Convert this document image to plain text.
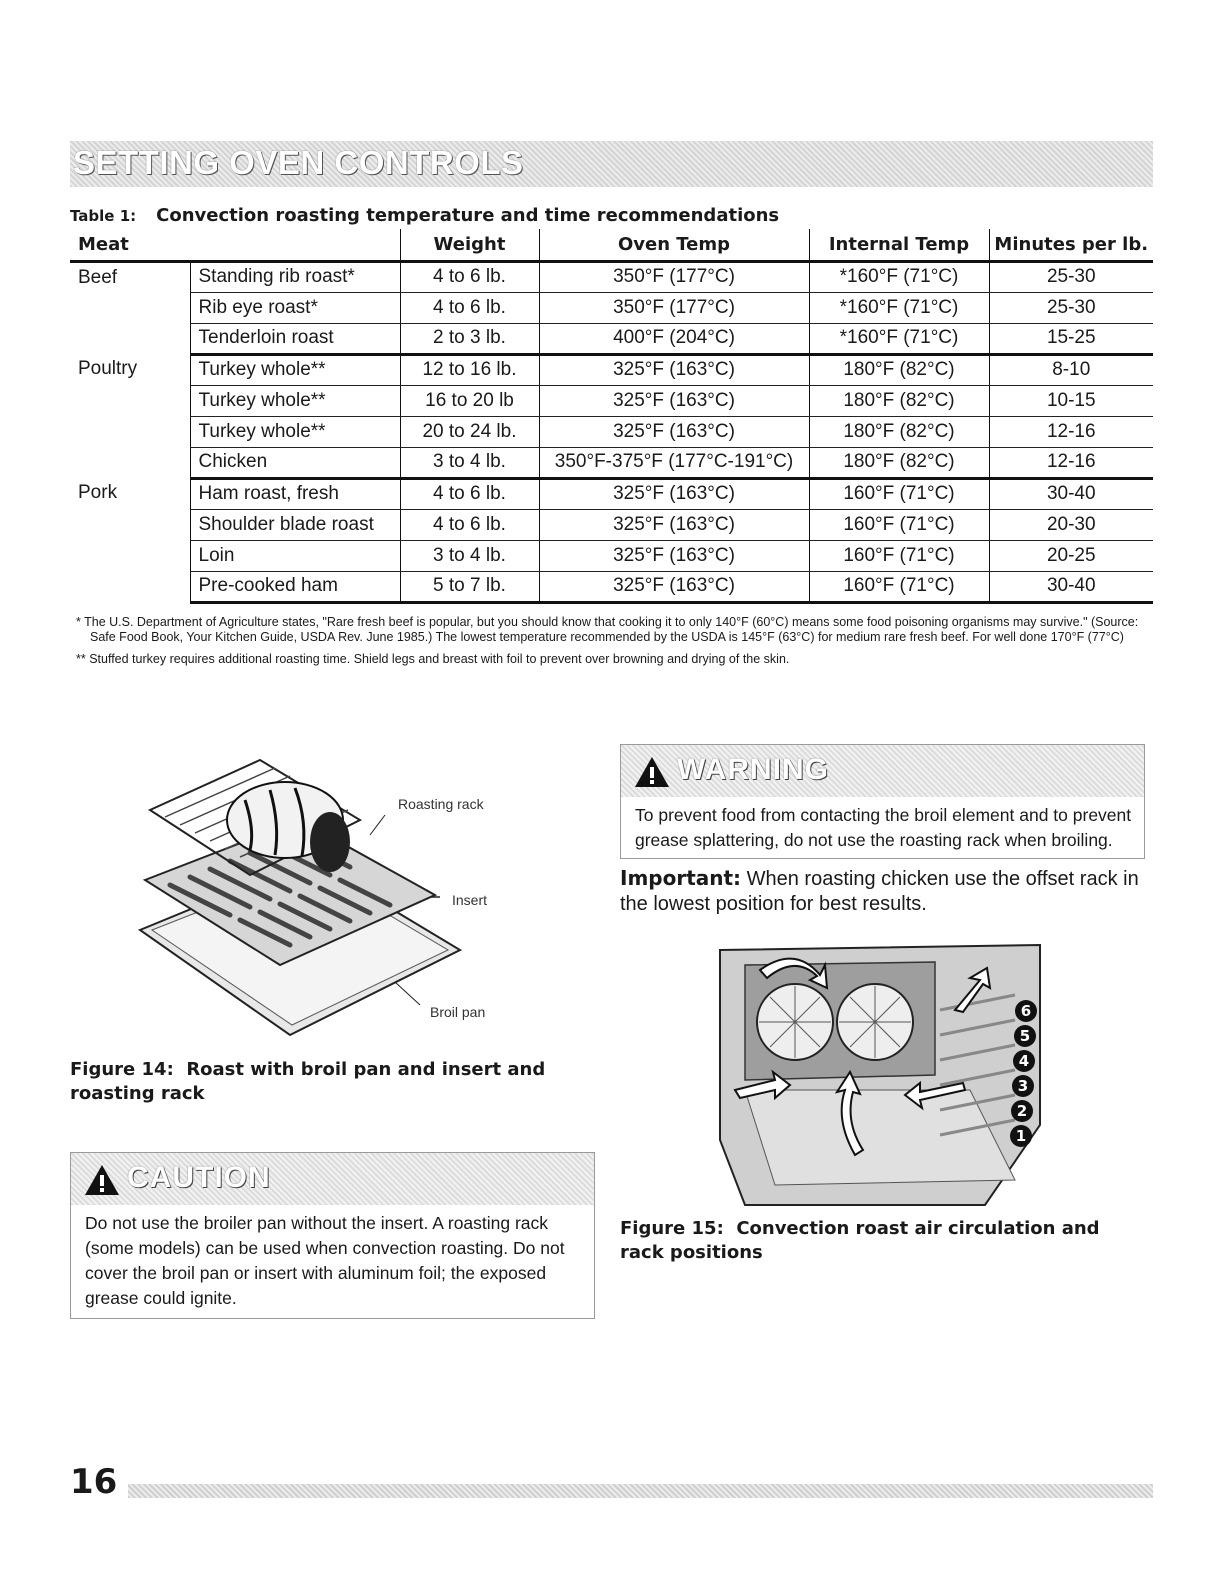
SETTING OVEN CONTROLS
Table 1: Convection roasting temperature and time recommendations
Meat		Weight	Oven Temp	Internal Temp	Minutes per lb.
Beef	Standing rib roast*	4 to 6 lb.	350°F (177°C)	*160°F (71°C)	25-30
	Rib eye roast*	4 to 6 lb.	350°F (177°C)	*160°F (71°C)	25-30
	Tenderloin roast	2 to 3 lb.	400°F (204°C)	*160°F (71°C)	15-25
Poultry	Turkey whole**	12 to 16 lb.	325°F (163°C)	180°F (82°C)	8-10
	Turkey whole**	16 to 20 lb	325°F (163°C)	180°F (82°C)	10-15
	Turkey whole**	20 to 24 lb.	325°F (163°C)	180°F (82°C)	12-16
	Chicken	3 to 4 lb.	350°F-375°F (177°C-191°C)	180°F (82°C)	12-16
Pork	Ham roast, fresh	4 to 6 lb.	325°F (163°C)	160°F (71°C)	30-40
	Shoulder blade roast	4 to 6 lb.	325°F (163°C)	160°F (71°C)	20-30
	Loin	3 to 4 lb.	325°F (163°C)	160°F (71°C)	20-25
	Pre-cooked ham	5 to 7 lb.	325°F (163°C)	160°F (71°C)	30-40

* The U.S. Department of Agriculture states, "Rare fresh beef is popular, but you should know that cooking it to only 140°F (60°C) means some food poisoning organisms may survive." (Source: Safe Food Book, Your Kitchen Guide, USDA Rev. June 1985.) The lowest temperature recommended by the USDA is 145°F (63°C) for medium rare fresh beef. For well done 170°F (77°C)

** Stuffed turkey requires additional roasting time. Shield legs and breast with foil to prevent over browning and drying of the skin.

Roasting rack
Insert
Broil pan
Figure 14: Roast with broil pan and insert and roasting rack
WARNING
To prevent food from contacting the broil element and to prevent grease splattering, do not use the roasting rack when broiling.
Important: When roasting chicken use the offset rack in the lowest position for best results.
6
5
4
3
2
1
Figure 15: Convection roast air circulation and rack positions
CAUTION
Do not use the broiler pan without the insert. A roasting rack (some models) can be used when convection roasting. Do not cover the broil pan or insert with aluminum foil; the exposed grease could ignite.
16
